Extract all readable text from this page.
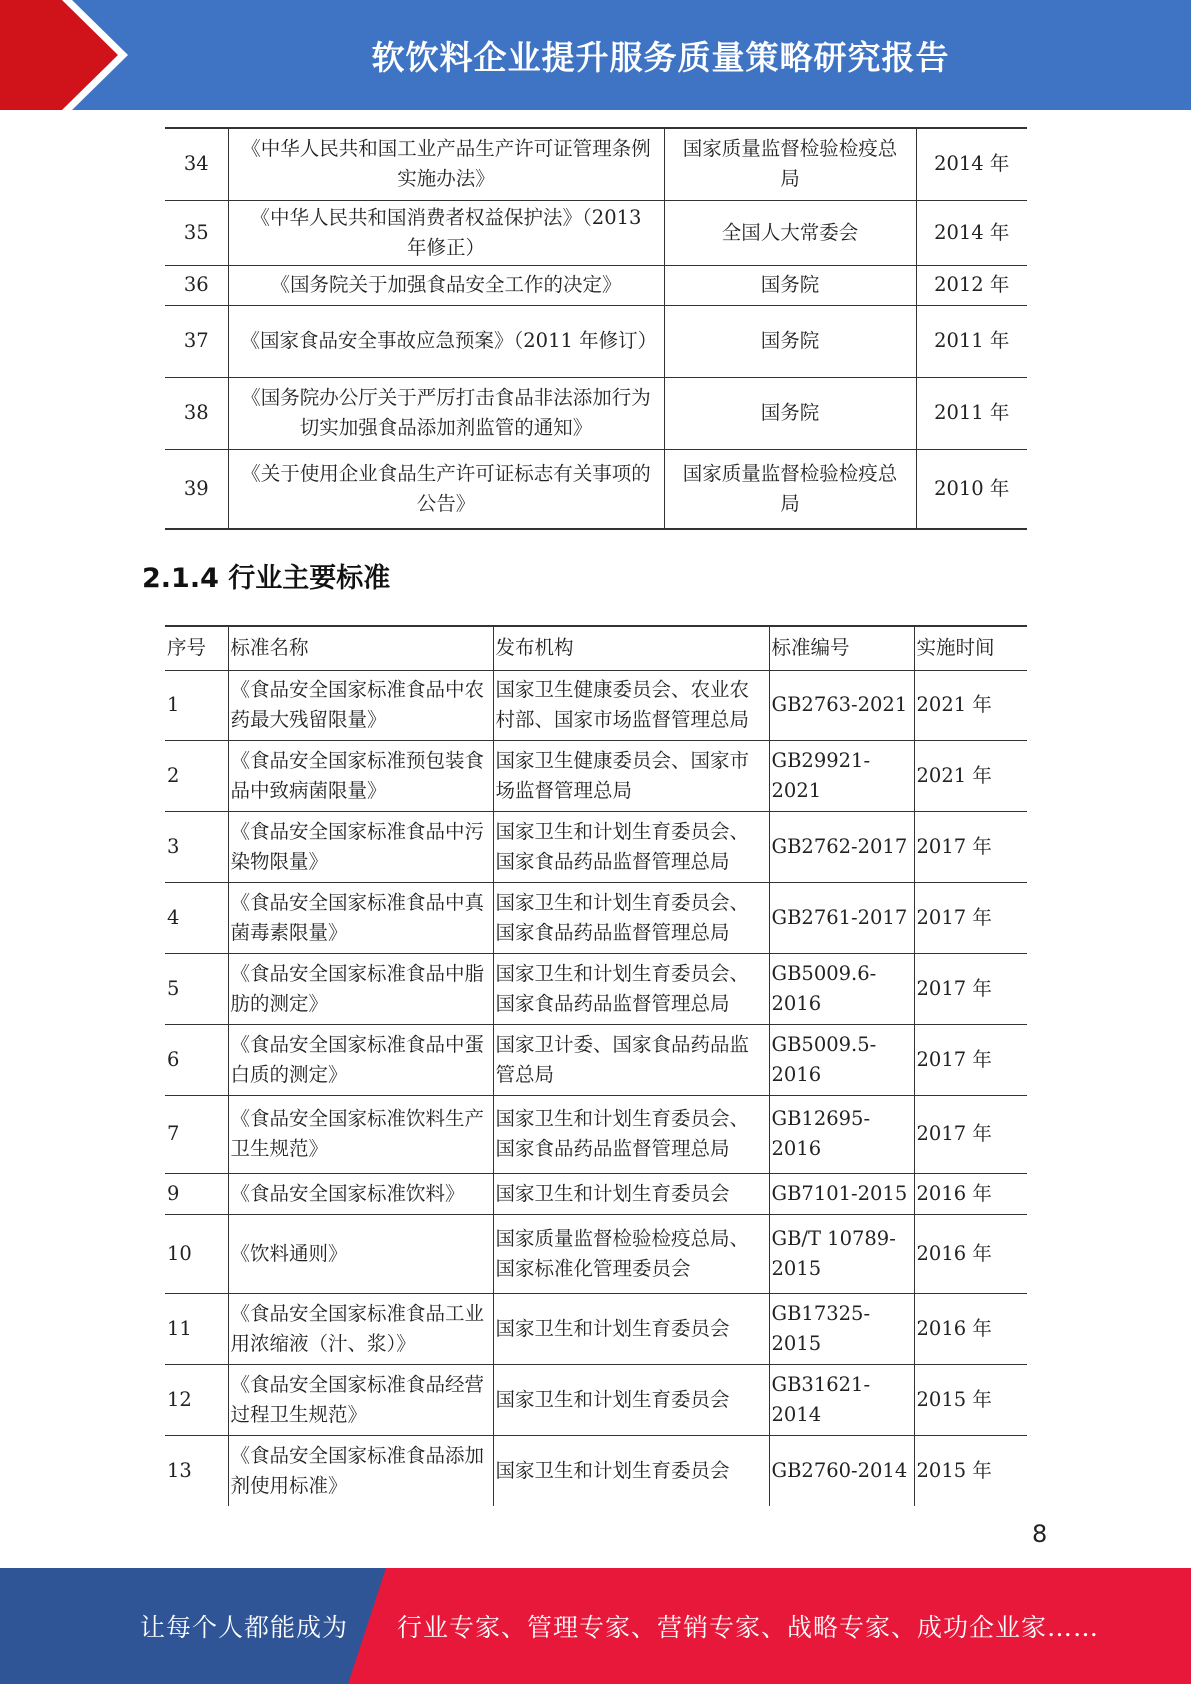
软饮料企业提升服务质量策略研究报告
34	《中华人民共和国工业产品生产许可证管理条例实施办法》	国家质量监督检验检疫总局	2014 年
35	《中华人民共和国消费者权益保护法》（2013 年修正）	全国人大常委会	2014 年
36	《国务院关于加强食品安全工作的决定》	国务院	2012 年
37	《国家食品安全事故应急预案》（2011 年修订）	国务院	2011 年
38	《国务院办公厅关于严厉打击食品非法添加行为切实加强食品添加剂监管的通知》	国务院	2011 年
39	《关于使用企业食品生产许可证标志有关事项的公告》	国家质量监督检验检疫总局	2010 年
2.1.4 行业主要标准
序号	标准名称	发布机构	标准编号	实施时间
1	《食品安全国家标准食品中农药最大残留限量》	国家卫生健康委员会、农业农村部、国家市场监督管理总局	GB2763-2021	2021 年
2	《食品安全国家标准预包装食品中致病菌限量》	国家卫生健康委员会、国家市场监督管理总局	GB29921-2021	2021 年
3	《食品安全国家标准食品中污染物限量》	国家卫生和计划生育委员会、国家食品药品监督管理总局	GB2762-2017	2017 年
4	《食品安全国家标准食品中真菌毒素限量》	国家卫生和计划生育委员会、国家食品药品监督管理总局	GB2761-2017	2017 年
5	《食品安全国家标准食品中脂肪的测定》	国家卫生和计划生育委员会、国家食品药品监督管理总局	GB5009.6-2016	2017 年
6	《食品安全国家标准食品中蛋白质的测定》	国家卫计委、国家食品药品监管总局	GB5009.5-2016	2017 年
7	《食品安全国家标准饮料生产卫生规范》	国家卫生和计划生育委员会、国家食品药品监督管理总局	GB12695-2016	2017 年
9	《食品安全国家标准饮料》	国家卫生和计划生育委员会	GB7101-2015	2016 年
10	《饮料通则》	国家质量监督检验检疫总局、国家标准化管理委员会	GB/T 10789-2015	2016 年
11	《食品安全国家标准食品工业用浓缩液（汁、浆）》	国家卫生和计划生育委员会	GB17325-2015	2016 年
12	《食品安全国家标准食品经营过程卫生规范》	国家卫生和计划生育委员会	GB31621-2014	2015 年
13	《食品安全国家标准食品添加剂使用标准》	国家卫生和计划生育委员会	GB2760-2014	2015 年
8
让每个人都能成为 行业专家、管理专家、营销专家、战略专家、成功企业家……
